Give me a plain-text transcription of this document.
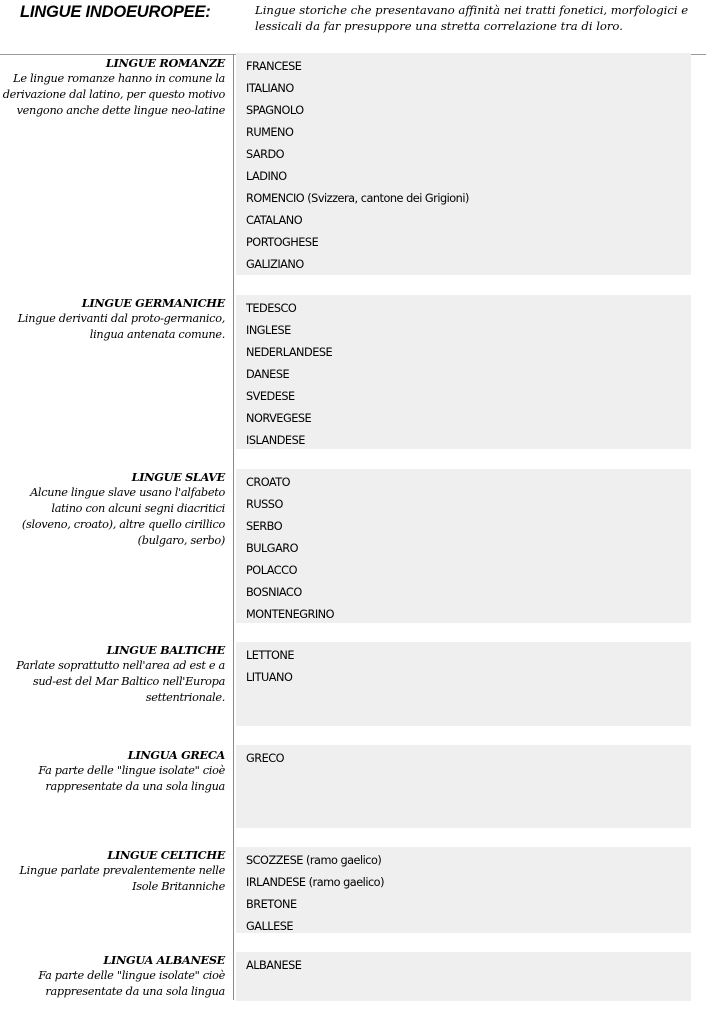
LINGUE INDOEUROPEE:	Lingue storiche che presentavano affinità nei tratti fonetici, morfologici e lessicali da far presuppore una stretta correlazione tra di loro.
LINGUE ROMANZE
Le lingue romanze hanno in comune la derivazione dal latino, per questo motivo vengono anche dette lingue neo-latine
FRANCESE
ITALIANO
SPAGNOLO
RUMENO
SARDO
LADINO
ROMENCIO (Svizzera, cantone dei Grigioni)
CATALANO
PORTOGHESE
GALIZIANO
LINGUE GERMANICHE
Lingue derivanti dal proto-germanico, lingua antenata comune.
TEDESCO
INGLESE
NEDERLANDESE
DANESE
SVEDESE
NORVEGESE
ISLANDESE
LINGUE SLAVE
Alcune lingue slave usano l'alfabeto latino con alcuni segni diacritici (sloveno, croato), altre quello cirillico (bulgaro, serbo)
CROATO
RUSSO
SERBO
BULGARO
POLACCO
BOSNIACO
MONTENEGRINO
LINGUE BALTICHE
Parlate soprattutto nell'area ad est e a sud-est del Mar Baltico nell'Europa settentrionale.
LETTONE
LITUANO
LINGUA GRECA
Fa parte delle "lingue isolate" cioè rappresentate da una sola lingua
GRECO
LINGUE CELTICHE
Lingue parlate prevalentemente nelle Isole Britanniche
SCOZZESE (ramo gaelico)
IRLANDESE (ramo gaelico)
BRETONE
GALLESE
LINGUA ALBANESE
Fa parte delle "lingue isolate" cioè rappresentate da una sola lingua
ALBANESE
